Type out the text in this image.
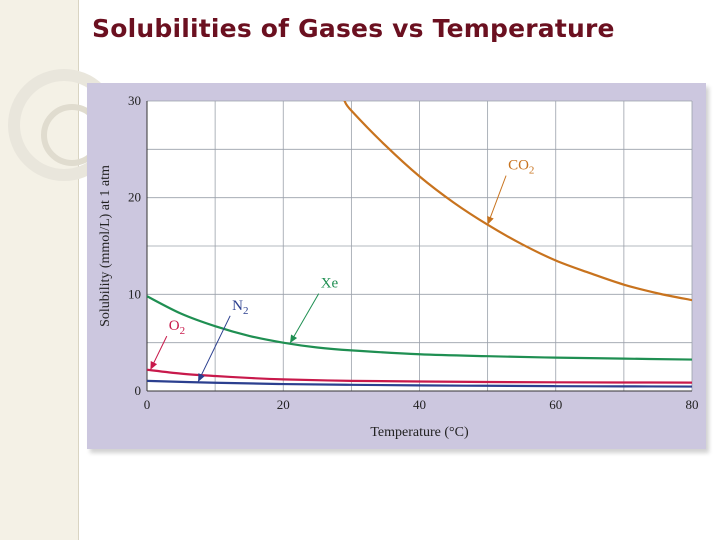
Solubilities of Gases vs Temperature
0	20	40	60	80
0
10
20
30
$CO_2$
Xe
$N_2$
$O_2$
Temperature (°C)
Solubility (mmol/L) at 1 atm
